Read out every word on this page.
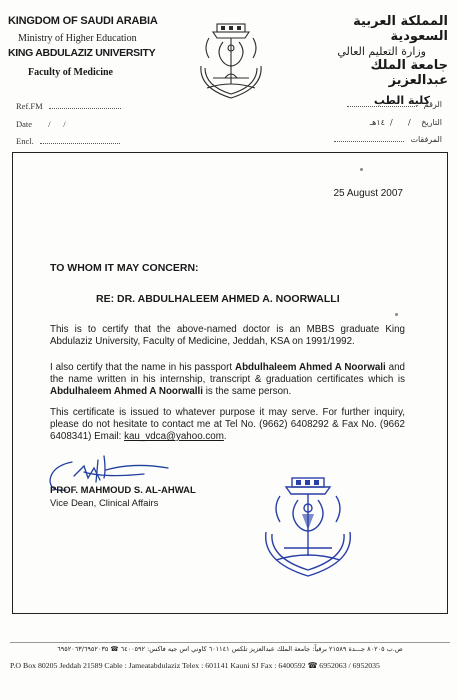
KINGDOM OF SAUDI ARABIA
Ministry of Higher Education
KING ABDULAZIZ UNIVERSITY
Faculty of Medicine
المملكة العربية السعودية
وزارة التعليم العالي
جامعة الملك عبدالعزيز
كلية الطب
Ref.FM
Date /      /
Encl.
الرقم
التاريخ /      /  ١٤هـ
المرفقات
25 August 2007
TO WHOM IT MAY CONCERN:
RE: DR. ABDULHALEEM AHMED A. NOORWALLI
This is to certify that the above-named doctor is an MBBS graduate King Abdulaziz University, Faculty of Medicine, Jeddah, KSA on 1991/1992.
I also certify that the name in his passport Abdulhaleem Ahmed A Noorwali and the name written in his internship, transcript & graduation certificates which is Abdulhaleem Ahmed A Noorwalli is the same person.
This certificate is issued to whatever purpose it may serve. For further inquiry, please do not hesitate to contact me at Tel No. (9662) 6408292 & Fax No. (9662 6408341) Email: kau_vdca@yahoo.com.
PROF. MAHMOUD S. AL-AHWAL
Vice Dean, Clinical Affairs
ص.ب ٨٠٢٠٥ جـــدة ٢١٥٨٩ برقياً: جامعة الملك عبدالعزيز تلكس ٦٠١١٤١ كاوني اس جيه فاكس: ٦٤٠٠٥٩٢ ☎ ٦٩٥٢٠٦٣/٦٩٥٢٠٣٥
P.O Box 80205 Jeddah 21589 Cable : Jameatabdulaziz Telex : 601141 Kauni SJ Fax : 6400592 ☎ 6952063 / 6952035
